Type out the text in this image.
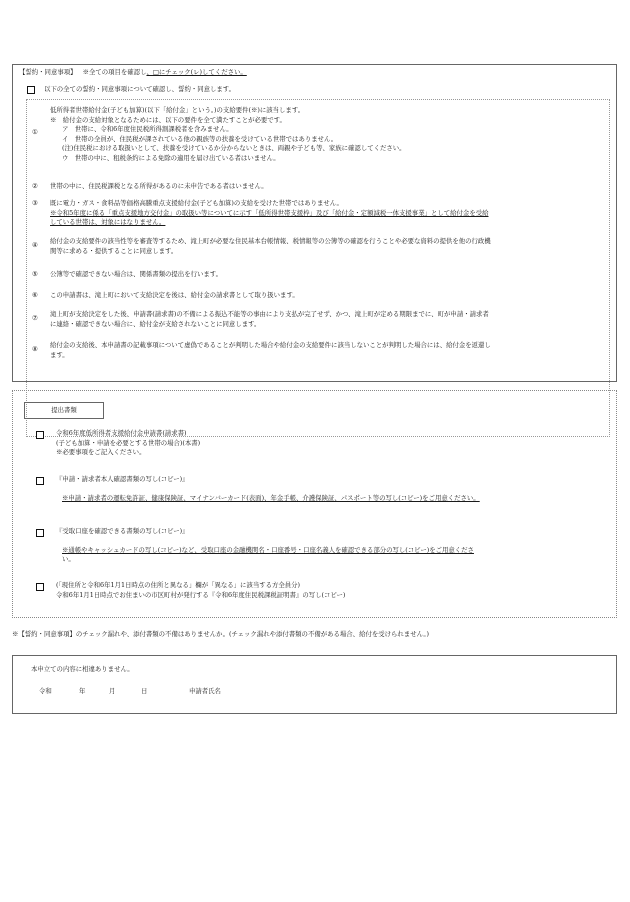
【誓約・同意事項】 ※全ての項目を確認し、□にチェック(レ)してください。
以下の全ての誓約・同意事項について確認し、誓約・同意します。
①
低所得者世帯給付金(子ども加算)(以下「給付金」という。)の支給要件(※)に該当します。
※　給付金の支給対象となるためには、以下の要件を全て満たすことが必要です。
ア　世帯に、令和6年度住民税所得割課税者を含みません。
イ　世帯の全員が、住民税が課されている他の親族等の扶養を受けている世帯ではありません。
(注)住民税における取扱いとして、扶養を受けているか分からないときは、両親や子ども等、家族に確認してください。
ウ　世帯の中に、租税条約による免除の適用を届け出ている者はいません。
②	世帯の中に、住民税課税となる所得があるのに未申告である者はいません。
③	既に電力・ガス・食料品等価格高騰重点支援給付金(子ども加算)の支給を受けた世帯ではありません。
※令和5年度に係る「重点支援地方交付金」の取扱い等についてに示す「低所得世帯支援枠」及び「給付金・定額減税一体支援事業」として給付金を受給
している世帯は、対象にはなりません。
④	給付金の支給要件の該当性等を審査等するため、滝上町が必要な住民基本台帳情報、税情報等の公簿等の確認を行うことや必要な資料の提供を他の行政機
関等に求める・提供することに同意します。
⑤	公簿等で確認できない場合は、関係書類の提出を行います。
⑥	この申請書は、滝上町において支給決定を後は、給付金の請求書として取り扱います。
⑦	滝上町が支給決定をした後、申請書(請求書)の不備による振込不能等の事由により支払が完了せず、かつ、滝上町が定める期限までに、町が申請・請求者
に連絡・確認できない場合に、給付金が支給されないことに同意します。
⑧	給付金の支給後、本申請書の記載事項について虚偽であることが判明した場合や給付金の支給要件に該当しないことが判明した場合には、給付金を返還し
ます。
提出書類
令和6年度低所得者支援給付金申請書(請求書)
(子ども加算・申請を必要とする世帯の場合)(本書)
※必要事項をご記入ください。
『申請・請求者本人確認書類の写し(コピー)』
※申請・請求者の運転免許証、健康保険証、マイナンバーカード(表面)、年金手帳、介護保険証、パスポート等の写し(コピー)をご用意ください。
『受取口座を確認できる書類の写し(コピー)』
※通帳やキャッシュカードの写し(コピー)など、受取口座の金融機関名・口座番号・口座名義人を確認できる部分の写し(コピー)をご用意くださ
い。
(「現住所と令和6年1月1日時点の住所と異なる」欄が「異なる」に該当する方全員分)
令和6年1月1日時点でお住まいの市区町村が発行する『令和6年度住民税課税証明書』の写し(コピー)
※【誓約・同意事項】のチェック漏れや、添付書類の不備はありませんか。(チェック漏れや添付書類の不備がある場合、給付を受けられません。)
本申立ての内容に相違ありません。
令和	年	月	日	申請者氏名
